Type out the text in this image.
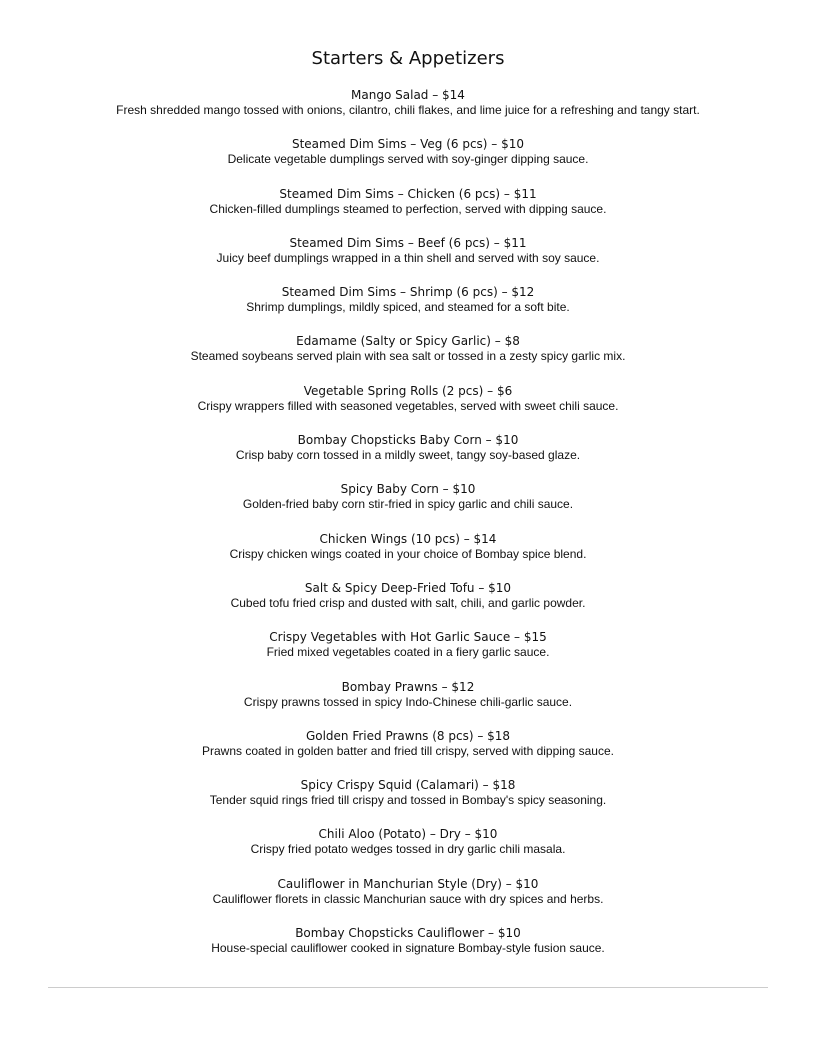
Starters & Appetizers
Mango Salad – $14
Fresh shredded mango tossed with onions, cilantro, chili flakes, and lime juice for a refreshing and tangy start.
Steamed Dim Sims – Veg (6 pcs) – $10
Delicate vegetable dumplings served with soy-ginger dipping sauce.
Steamed Dim Sims – Chicken (6 pcs) – $11
Chicken-filled dumplings steamed to perfection, served with dipping sauce.
Steamed Dim Sims – Beef (6 pcs) – $11
Juicy beef dumplings wrapped in a thin shell and served with soy sauce.
Steamed Dim Sims – Shrimp (6 pcs) – $12
Shrimp dumplings, mildly spiced, and steamed for a soft bite.
Edamame (Salty or Spicy Garlic) – $8
Steamed soybeans served plain with sea salt or tossed in a zesty spicy garlic mix.
Vegetable Spring Rolls (2 pcs) – $6
Crispy wrappers filled with seasoned vegetables, served with sweet chili sauce.
Bombay Chopsticks Baby Corn – $10
Crisp baby corn tossed in a mildly sweet, tangy soy-based glaze.
Spicy Baby Corn – $10
Golden-fried baby corn stir-fried in spicy garlic and chili sauce.
Chicken Wings (10 pcs) – $14
Crispy chicken wings coated in your choice of Bombay spice blend.
Salt & Spicy Deep-Fried Tofu – $10
Cubed tofu fried crisp and dusted with salt, chili, and garlic powder.
Crispy Vegetables with Hot Garlic Sauce – $15
Fried mixed vegetables coated in a fiery garlic sauce.
Bombay Prawns – $12
Crispy prawns tossed in spicy Indo-Chinese chili-garlic sauce.
Golden Fried Prawns (8 pcs) – $18
Prawns coated in golden batter and fried till crispy, served with dipping sauce.
Spicy Crispy Squid (Calamari) – $18
Tender squid rings fried till crispy and tossed in Bombay's spicy seasoning.
Chili Aloo (Potato) – Dry – $10
Crispy fried potato wedges tossed in dry garlic chili masala.
Cauliflower in Manchurian Style (Dry) – $10
Cauliflower florets in classic Manchurian sauce with dry spices and herbs.
Bombay Chopsticks Cauliflower – $10
House-special cauliflower cooked in signature Bombay-style fusion sauce.
